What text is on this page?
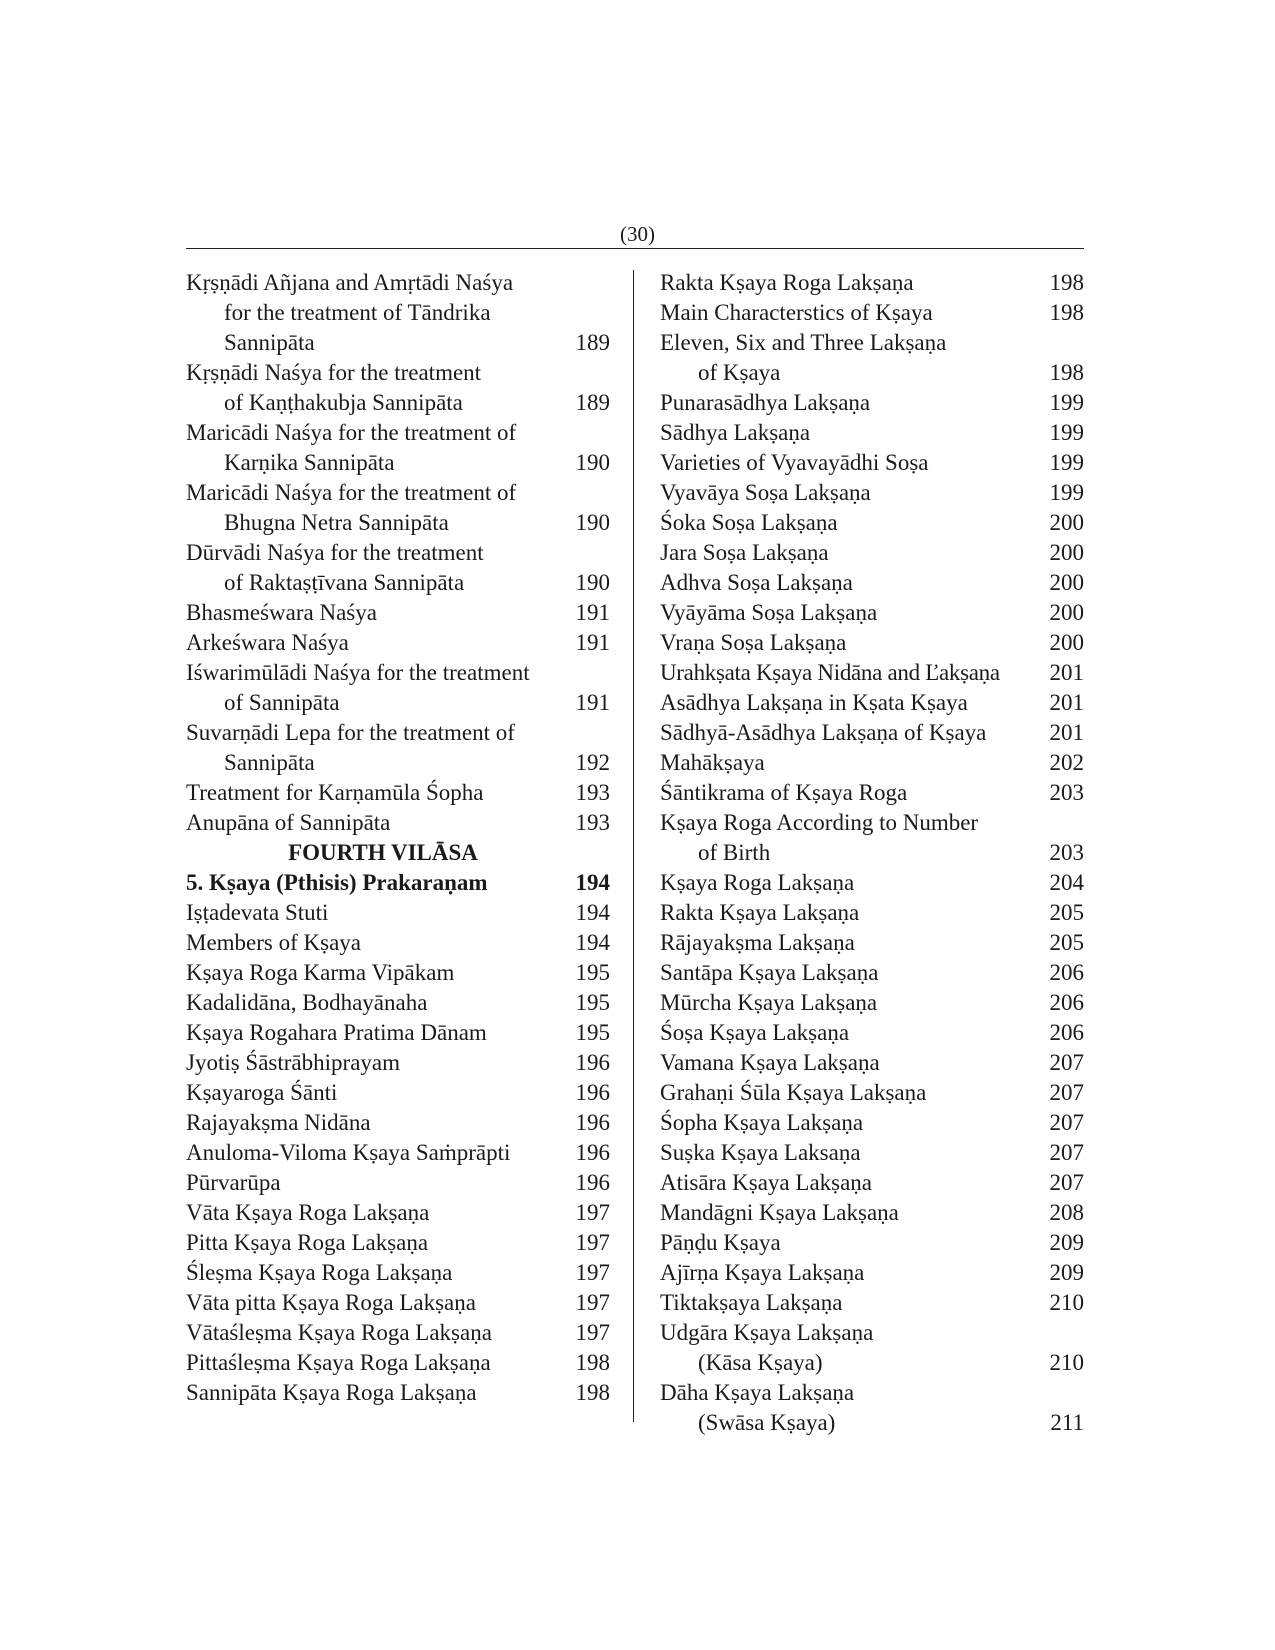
(30)
Kṛṣṇādi Añjana and Amṛtādi Naśya
for the treatment of Tāndrika
Sannipāta	189
Kṛṣṇādi Naśya for the treatment
of Kaṇṭhakubja Sannipāta	189
Maricādi Naśya for the treatment of
Karṇika Sannipāta	190
Maricādi Naśya for the treatment of
Bhugna Netra Sannipāta	190
Dūrvādi Naśya for the treatment
of Raktaṣṭīvana Sannipāta	190
Bhasmeśwara Naśya	191
Arkeśwara Naśya	191
Iśwarimūlādi Naśya for the treatment
of Sannipāta	191
Suvarṇādi Lepa for the treatment of
Sannipāta	192
Treatment for Karṇamūla Śopha	193
Anupāna of Sannipāta	193
FOURTH VILĀSA
5. Kṣaya (Pthisis) Prakaraṇam	194
Iṣṭadevata Stuti	194
Members of Kṣaya	194
Kṣaya Roga Karma Vipākam	195
Kadalidāna, Bodhayānaha	195
Kṣaya Rogahara Pratima Dānam	195
Jyotiṣ Śāstrābhiprayam	196
Kṣayaroga Śānti	196
Rajayakṣma Nidāna	196
Anuloma-Viloma Kṣaya Saṁprāpti	196
Pūrvarūpa	196
Vāta Kṣaya Roga Lakṣaṇa	197
Pitta Kṣaya Roga Lakṣaṇa	197
Śleṣma Kṣaya Roga Lakṣaṇa	197
Vāta pitta Kṣaya Roga Lakṣaṇa	197
Vātaśleṣma Kṣaya Roga Lakṣaṇa	197
Pittaśleṣma Kṣaya Roga Lakṣaṇa	198
Sannipāta Kṣaya Roga Lakṣaṇa	198
Rakta Kṣaya Roga Lakṣaṇa	198
Main Characterstics of Kṣaya	198
Eleven, Six and Three Lakṣaṇa
of Kṣaya	198
Punarasādhya Lakṣaṇa	199
Sādhya Lakṣaṇa	199
Varieties of Vyavayādhi Soṣa	199
Vyavāya Soṣa Lakṣaṇa	199
Śoka Soṣa Lakṣaṇa	200
Jara Soṣa Lakṣaṇa	200
Adhva Soṣa Lakṣaṇa	200
Vyāyāma Soṣa Lakṣaṇa	200
Vraṇa Soṣa Lakṣaṇa	200
Urahkṣata Kṣaya Nidāna and Ľakṣaṇa	201
Asādhya Lakṣaṇa in Kṣata Kṣaya	201
Sādhyā-Asādhya Lakṣaṇa of Kṣaya	201
Mahākṣaya	202
Śāntikrama of Kṣaya Roga	203
Kṣaya Roga According to Number
of Birth	203
Kṣaya Roga Lakṣaṇa	204
Rakta Kṣaya Lakṣaṇa	205
Rājayakṣma Lakṣaṇa	205
Santāpa Kṣaya Lakṣaṇa	206
Mūrcha Kṣaya Lakṣaṇa	206
Śoṣa Kṣaya Lakṣaṇa	206
Vamana Kṣaya Lakṣaṇa	207
Grahaṇi Śūla Kṣaya Lakṣaṇa	207
Śopha Kṣaya Lakṣaṇa	207
Suṣka Kṣaya Laksaṇa	207
Atisāra Kṣaya Lakṣaṇa	207
Mandāgni Kṣaya Lakṣaṇa	208
Pāṇḍu Kṣaya	209
Ajīrṇa Kṣaya Lakṣaṇa	209
Tiktakṣaya Lakṣaṇa	210
Udgāra Kṣaya Lakṣaṇa
(Kāsa Kṣaya)	210
Dāha Kṣaya Lakṣaṇa
(Swāsa Kṣaya)	211
